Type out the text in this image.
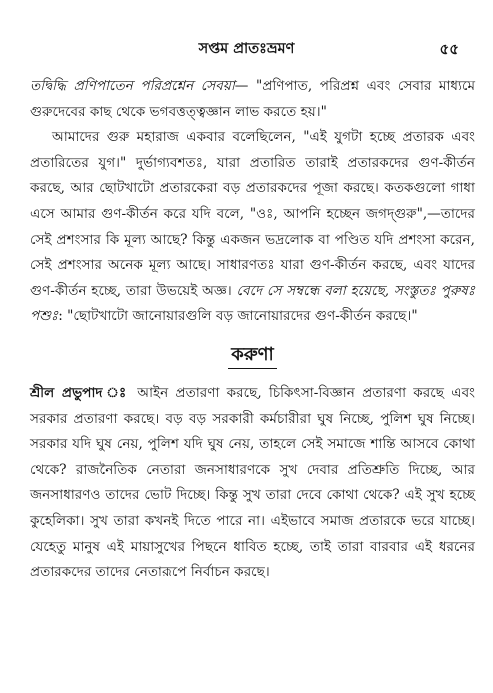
সপ্তম প্রাতঃভ্রমণ	৫৫

তদ্বিদ্ধি প্রণিপাতেন পরিপ্রশ্নেন সেবয়া— "প্রণিপাত, পরিপ্রশ্ন এবং সেবার মাধ্যমে গুরুদেবের কাছ থেকে ভগবত্তত্ত্বজ্ঞান লাভ করতে হয়।"

আমাদের গুরু মহারাজ একবার বলেছিলেন, "এই যুগটা হচ্ছে প্রতারক এবং প্রতারিতের যুগ।" দুর্ভাগ্যবশতঃ, যারা প্রতারিত তারাই প্রতারকদের গুণ-কীর্তন করছে, আর ছোটখাটো প্রতারকেরা বড় প্রতারকদের পূজা করছে। কতকগুলো গাধা এসে আমার গুণ-কীর্তন করে যদি বলে, "ওঃ, আপনি হচ্ছেন জগদ্গুরু",—তাদের সেই প্রশংসার কি মূল্য আছে? কিন্তু একজন ভদ্রলোক বা পণ্ডিত যদি প্রশংসা করেন, সেই প্রশংসার অনেক মূল্য আছে। সাধারণতঃ যারা গুণ-কীর্তন করছে, এবং যাদের গুণ-কীর্তন হচ্ছে, তারা উভয়েই অজ্ঞ। বেদে সে সম্বন্ধে বলা হয়েছে, সংস্তুতঃ পুরুষঃ পশুঃ: "ছোটখাটো জানোয়ারগুলি বড় জানোয়ারদের গুণ-কীর্তন করছে।"

করুণা

শ্রীল প্রভুপাদ ঃ আইন প্রতারণা করছে, চিকিৎসা-বিজ্ঞান প্রতারণা করছে এবং সরকার প্রতারণা করছে। বড় বড় সরকারী কর্মচারীরা ঘুষ নিচ্ছে, পুলিশ ঘুষ নিচ্ছে। সরকার যদি ঘুষ নেয়, পুলিশ যদি ঘুষ নেয়, তাহলে সেই সমাজে শান্তি আসবে কোথা থেকে? রাজনৈতিক নেতারা জনসাধারণকে সুখ দেবার প্রতিশ্রুতি দিচ্ছে, আর জনসাধারণও তাদের ভোট দিচ্ছে। কিন্তু সুখ তারা দেবে কোথা থেকে? এই সুখ হচ্ছে কুহেলিকা। সুখ তারা কখনই দিতে পারে না। এইভাবে সমাজ প্রতারকে ভরে যাচ্ছে। যেহেতু মানুষ এই মায়াসুখের পিছনে ধাবিত হচ্ছে, তাই তারা বারবার এই ধরনের প্রতারকদের তাদের নেতারূপে নির্বাচন করছে।
